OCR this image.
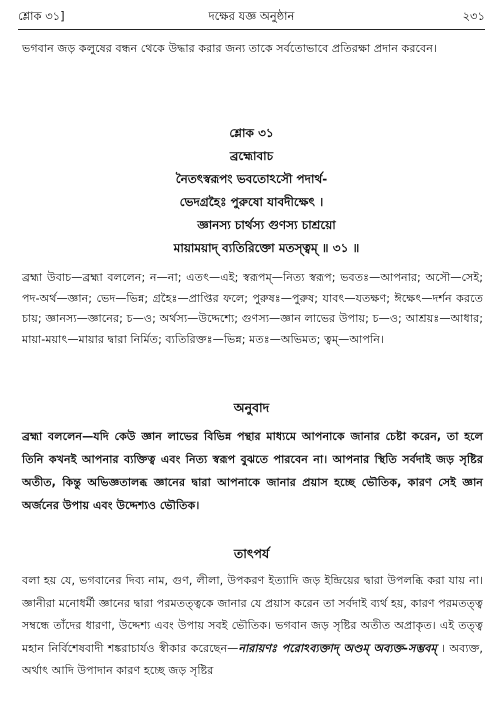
শ্লোক ৩১]	দক্ষের যজ্ঞ অনুষ্ঠান	২৩১

ভগবান জড় কলুষের বন্ধন থেকে উদ্ধার করার জন্য তাকে সর্বতোভাবে প্রতিরক্ষা প্রদান করবেন।

শ্লোক ৩১
ব্রহ্মোবাচ
নৈতৎস্বরূপং ভবতোঽসৌ পদার্থ-
ভেদগ্রহৈঃ পুরুষো যাবদীক্ষেৎ ।
জ্ঞানস্য চার্থস্য গুণস্য চাশ্রয়ো
মায়াময়াদ্ ব্যতিরিক্তো মতস্ত্বম্ ॥ ৩১ ॥

ব্রহ্মা উবাচ—ব্রহ্মা বললেন; ন—না; এতৎ—এই; স্বরূপম্—নিত্য স্বরূপ; ভবতঃ—আপনার; অসৌ—সেই; পদ-অর্থ—জ্ঞান; ভেদ—ভিন্ন; গ্রহৈঃ—প্রাপ্তির ফলে; পুরুষঃ—পুরুষ; যাবৎ—যতক্ষণ; ঈক্ষেৎ—দর্শন করতে চায়; জ্ঞানস্য—জ্ঞানের; চ—ও; অর্থস্য—উদ্দেশ্যে; গুণস্য—জ্ঞান লাভের উপায়; চ—ও; আশ্রয়ঃ—আধার; মায়া-ময়াৎ—মায়ার দ্বারা নির্মিত; ব্যতিরিক্তঃ—ভিন্ন; মতঃ—অভিমত; ত্বম্—আপনি।

অনুবাদ

ব্রহ্মা বললেন—যদি কেউ জ্ঞান লাভের বিভিন্ন পন্থার মাধ্যমে আপনাকে জানার চেষ্টা করেন, তা হলে তিনি কখনই আপনার ব্যক্তিত্ব এবং নিত্য স্বরূপ বুঝতে পারবেন না। আপনার স্থিতি সর্বদাই জড় সৃষ্টির অতীত, কিন্তু অভিজ্ঞতালব্ধ জ্ঞানের দ্বারা আপনাকে জানার প্রয়াস হচ্ছে ভৌতিক, কারণ সেই জ্ঞান অর্জনের উপায় এবং উদ্দেশ্যও ভৌতিক।

তাৎপর্য

বলা হয় যে, ভগবানের দিব্য নাম, গুণ, লীলা, উপকরণ ইত্যাদি জড় ইন্দ্রিয়ের দ্বারা উপলব্ধি করা যায় না। জ্ঞানীরা মনোধর্মী জ্ঞানের দ্বারা পরমতত্ত্বকে জানার যে প্রয়াস করেন তা সর্বদাই ব্যর্থ হয়, কারণ পরমতত্ত্ব সম্বন্ধে তাঁদের ধারণা, উদ্দেশ্য এবং উপায় সবই ভৌতিক। ভগবান জড় সৃষ্টির অতীত অপ্রাকৃত। এই তত্ত্ব মহান নির্বিশেষবাদী শঙ্করাচার্যও স্বীকার করেছেন—নারায়ণঃ পরোঽব্যক্তাদ্ অণ্ডম্ অব্যক্ত-সম্ভবম্ । অব্যক্ত, অর্থাৎ আদি উপাদান কারণ হচ্ছে জড় সৃষ্টির
